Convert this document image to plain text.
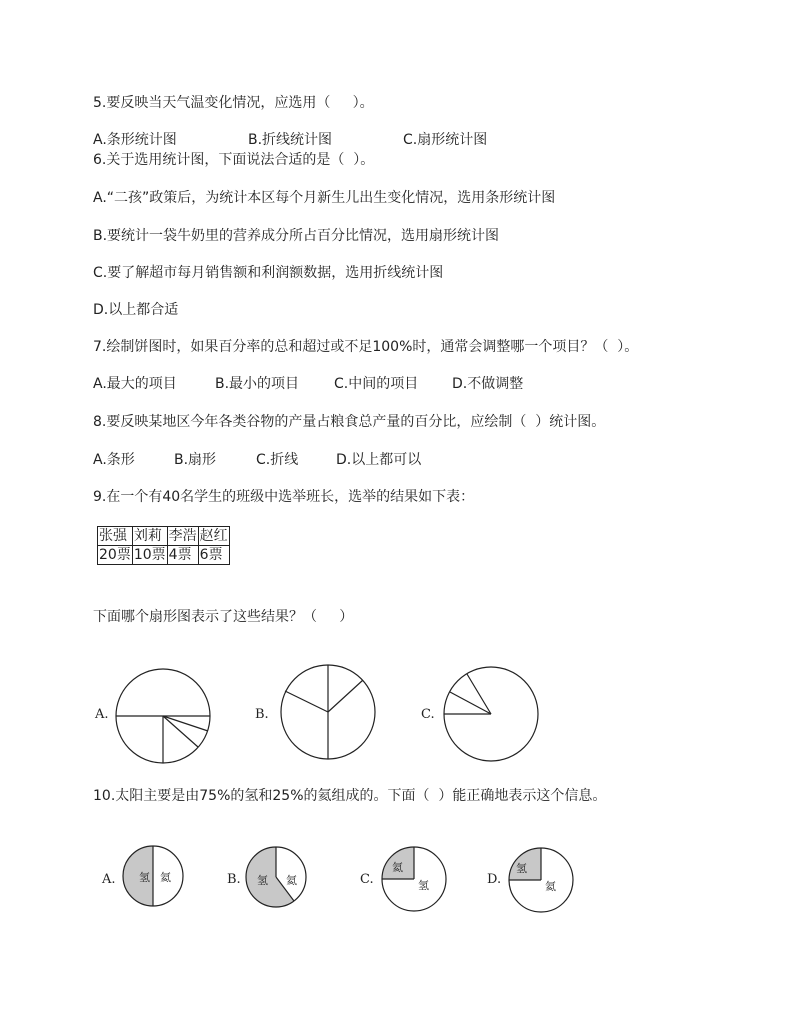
5.要反映当天气温变化情况，应选用（     ）。
A.条形统计图	B.折线统计图	C.扇形统计图
6.关于选用统计图，下面说法合适的是（  ）。
A.“二孩”政策后，为统计本区每个月新生儿出生变化情况，选用条形统计图
B.要统计一袋牛奶里的营养成分所占百分比情况，选用扇形统计图
C.要了解超市每月销售额和利润额数据，选用折线统计图
D.以上都合适
7.绘制饼图时，如果百分率的总和超过或不足100%时，通常会调整哪一个项目？（  ）。
A.最大的项目	B.最小的项目 C.中间的项目 D.不做调整
8.要反映某地区今年各类谷物的产量占粮食总产量的百分比，应绘制（  ）统计图。
A.条形	B.扇形	C.折线	D.以上都可以
9.在一个有40名学生的班级中选举班长，选举的结果如下表：
张强	刘莉	李浩	赵红
20票	10票	4票	6票
下面哪个扇形图表示了这些结果？（     ）
A.	B.	C.
10.太阳主要是由75%的氢和25%的氦组成的。下面（  ）能正确地表示这个信息。
A. 氢 氦	B. 氢 氦	C.
氦
氢	D.
氢
氦
